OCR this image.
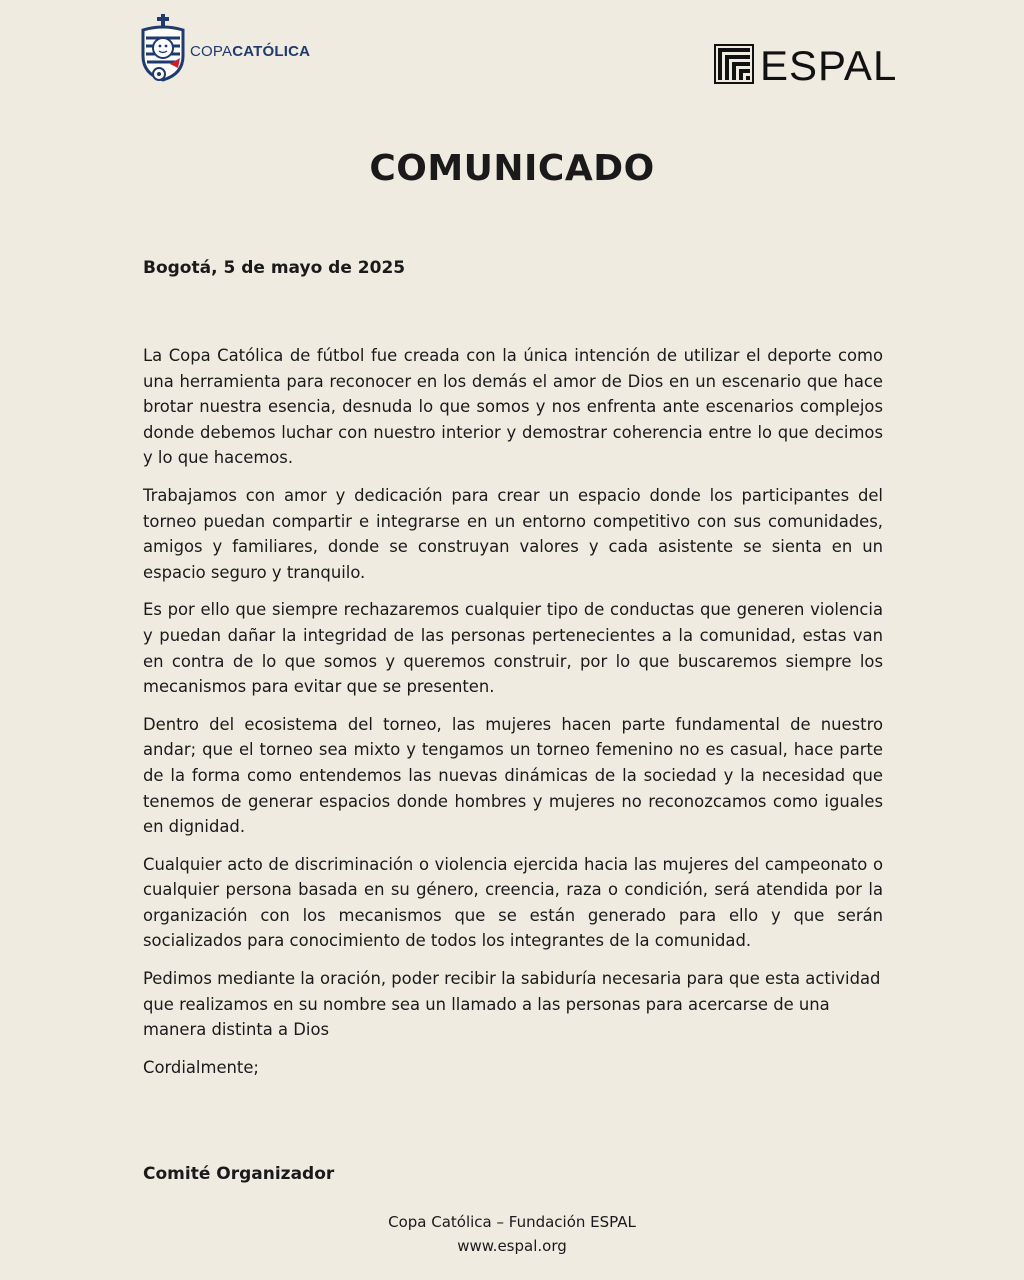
COPACATÓLICA	ESPAL
COMUNICADO
Bogotá, 5 de mayo de 2025

La Copa Católica de fútbol fue creada con la única intención de utilizar el deporte como una herramienta para reconocer en los demás el amor de Dios en un escenario que hace brotar nuestra esencia, desnuda lo que somos y nos enfrenta ante escenarios complejos donde debemos luchar con nuestro interior y demostrar coherencia entre lo que decimos y lo que hacemos.

Trabajamos con amor y dedicación para crear un espacio donde los participantes del torneo puedan compartir e integrarse en un entorno competitivo con sus comunidades, amigos y familiares, donde se construyan valores y cada asistente se sienta en un espacio seguro y tranquilo.

Es por ello que siempre rechazaremos cualquier tipo de conductas que generen violencia y puedan dañar la integridad de las personas pertenecientes a la comunidad, estas van en contra de lo que somos y queremos construir, por lo que buscaremos siempre los mecanismos para evitar que se presenten.

Dentro del ecosistema del torneo, las mujeres hacen parte fundamental de nuestro andar; que el torneo sea mixto y tengamos un torneo femenino no es casual, hace parte de la forma como entendemos las nuevas dinámicas de la sociedad y la necesidad que tenemos de generar espacios donde hombres y mujeres no reconozcamos como iguales en dignidad.

Cualquier acto de discriminación o violencia ejercida hacia las mujeres del campeonato o cualquier persona basada en su género, creencia, raza o condición, será atendida por la organización con los mecanismos que se están generado para ello y que serán socializados para conocimiento de todos los integrantes de la comunidad.

Pedimos mediante la oración, poder recibir la sabiduría necesaria para que esta actividad que realizamos en su nombre sea un llamado a las personas para acercarse de una manera distinta a Dios

Cordialmente;

Comité Organizador
Copa Católica – Fundación ESPAL
www.espal.org
